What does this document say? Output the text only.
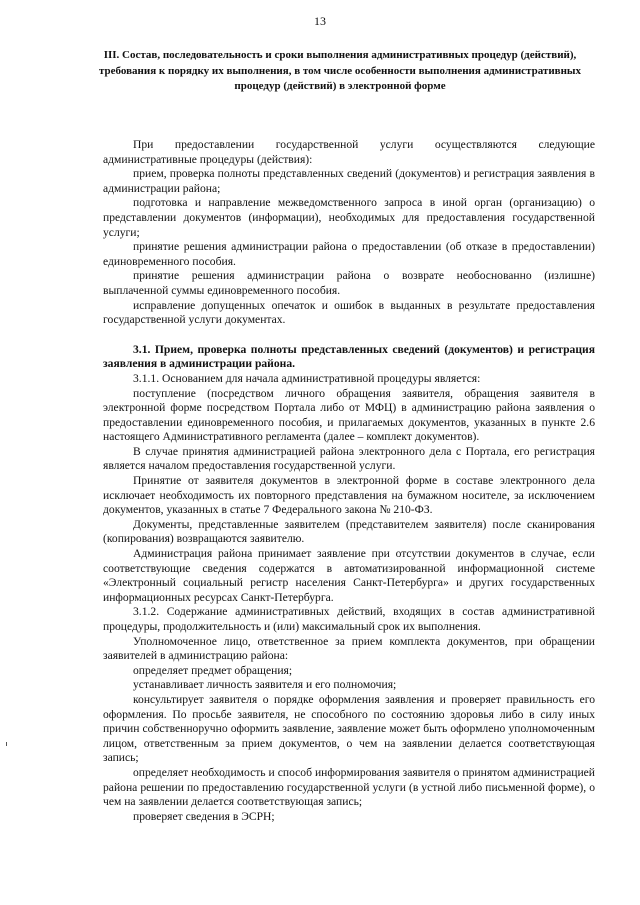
13
III. Состав, последовательность и сроки выполнения административных процедур (действий), требования к порядку их выполнения, в том числе особенности выполнения административных процедур (действий) в электронной форме

При предоставлении государственной услуги осуществляются следующие административные процедуры (действия):

прием, проверка полноты представленных сведений (документов) и регистрация заявления в администрации района;

подготовка и направление межведомственного запроса в иной орган (организацию) о представлении документов (информации), необходимых для предоставления государственной услуги;

принятие решения администрации района о предоставлении (об отказе в предоставлении) единовременного пособия.

принятие решения администрации района о возврате необоснованно (излишне) выплаченной суммы единовременного пособия.

исправление допущенных опечаток и ошибок в выданных в результате предоставления государственной услуги документах.

3.1. Прием, проверка полноты представленных сведений (документов) и регистрация заявления в администрации района.

3.1.1. Основанием для начала административной процедуры является:

поступление (посредством личного обращения заявителя, обращения заявителя в электронной форме посредством Портала либо от МФЦ) в администрацию района заявления о предоставлении единовременного пособия, и прилагаемых документов, указанных в пункте 2.6 настоящего Административного регламента (далее – комплект документов).

В случае принятия администрацией района электронного дела с Портала, его регистрация является началом предоставления государственной услуги.

Принятие от заявителя документов в электронной форме в составе электронного дела исключает необходимость их повторного представления на бумажном носителе, за исключением документов, указанных в статье 7 Федерального закона № 210-ФЗ.

Документы, представленные заявителем (представителем заявителя) после сканирования (копирования) возвращаются заявителю.

Администрация района принимает заявление при отсутствии документов в случае, если соответствующие сведения содержатся в автоматизированной информационной системе «Электронный социальный регистр населения Санкт-Петербурга» и других государственных информационных ресурсах Санкт-Петербурга.

3.1.2. Содержание административных действий, входящих в состав административной процедуры, продолжительность и (или) максимальный срок их выполнения.

Уполномоченное лицо, ответственное за прием комплекта документов, при обращении заявителей в администрацию района:

определяет предмет обращения;

устанавливает личность заявителя и его полномочия;

консультирует заявителя о порядке оформления заявления и проверяет правильность его оформления. По просьбе заявителя, не способного по состоянию здоровья либо в силу иных причин собственноручно оформить заявление, заявление может быть оформлено уполномоченным лицом, ответственным за прием документов, о чем на заявлении делается соответствующая запись;

определяет необходимость и способ информирования заявителя о принятом администрацией района решении по предоставлению государственной услуги (в устной либо письменной форме), о чем на заявлении делается соответствующая запись;

проверяет сведения в ЭСРН;
